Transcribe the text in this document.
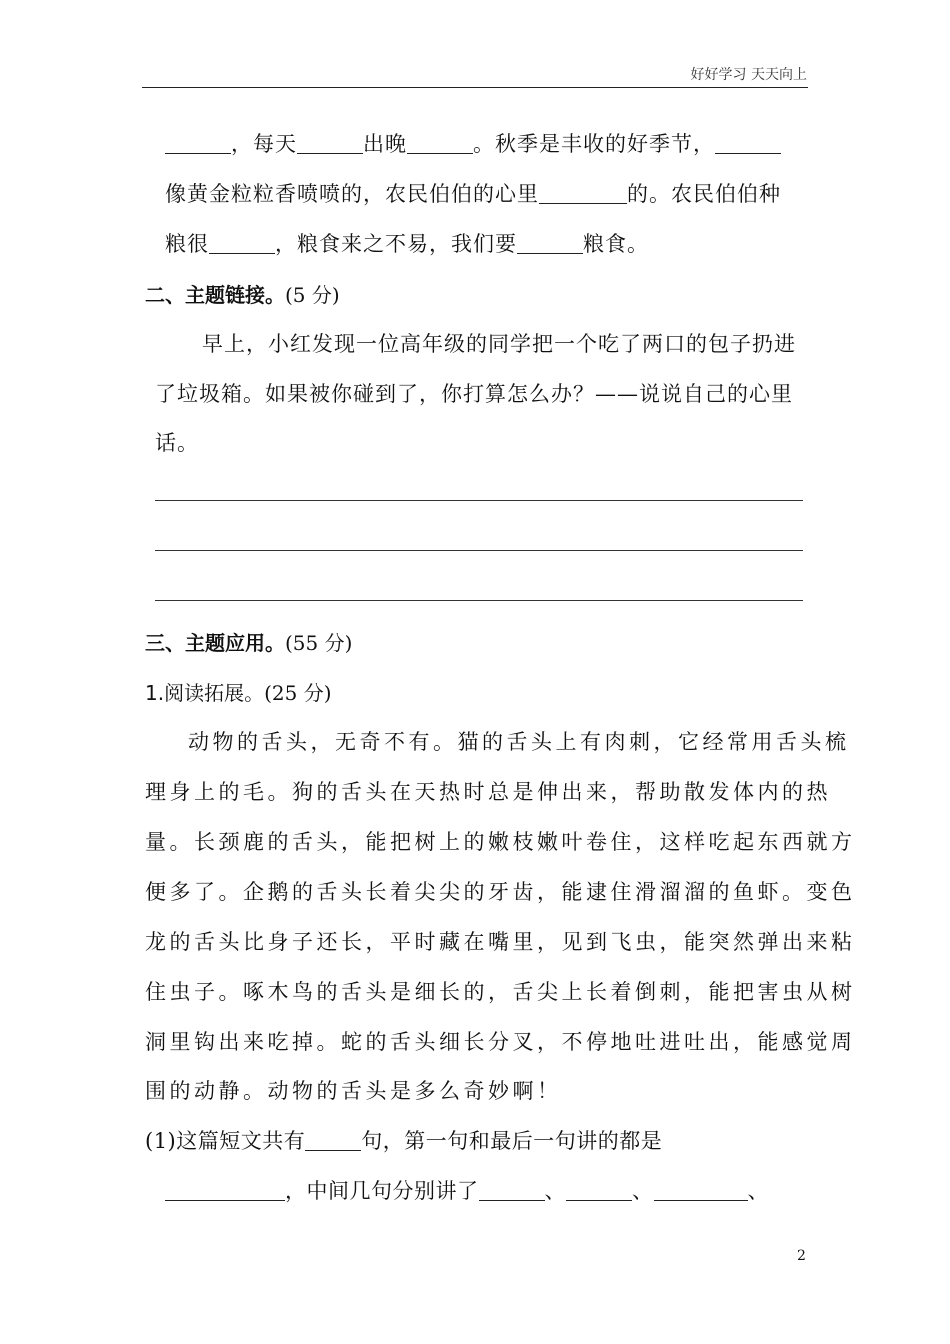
好好学习 天天向上
，每天	出晚	。秋季是丰收的好季节，
像黄金粒粒香喷喷的，农民伯伯的心里	的。农民伯伯种
粮很	，粮食来之不易，我们要	粮食。
二、主题链接。(5 分)
早上，小红发现一位高年级的同学把一个吃了两口的包子扔进
了垃圾箱。如果被你碰到了，你打算怎么办？——说说自己的心里
话。
三、主题应用。(55 分)
1.阅读拓展。(25 分)
动物的舌头，无奇不有。猫的舌头上有肉刺，它经常用舌头梳
理身上的毛。狗的舌头在天热时总是伸出来，帮助散发体内的热
量。长颈鹿的舌头，能把树上的嫩枝嫩叶卷住，这样吃起东西就方
便多了。企鹅的舌头长着尖尖的牙齿，能逮住滑溜溜的鱼虾。变色
龙的舌头比身子还长，平时藏在嘴里，见到飞虫，能突然弹出来粘
住虫子。啄木鸟的舌头是细长的，舌尖上长着倒刺，能把害虫从树
洞里钩出来吃掉。蛇的舌头细长分叉，不停地吐进吐出，能感觉周
围的动静。动物的舌头是多么奇妙啊！
(1)这篇短文共有	句，第一句和最后一句讲的都是
，中间几句分别讲了	、	、	、
2
